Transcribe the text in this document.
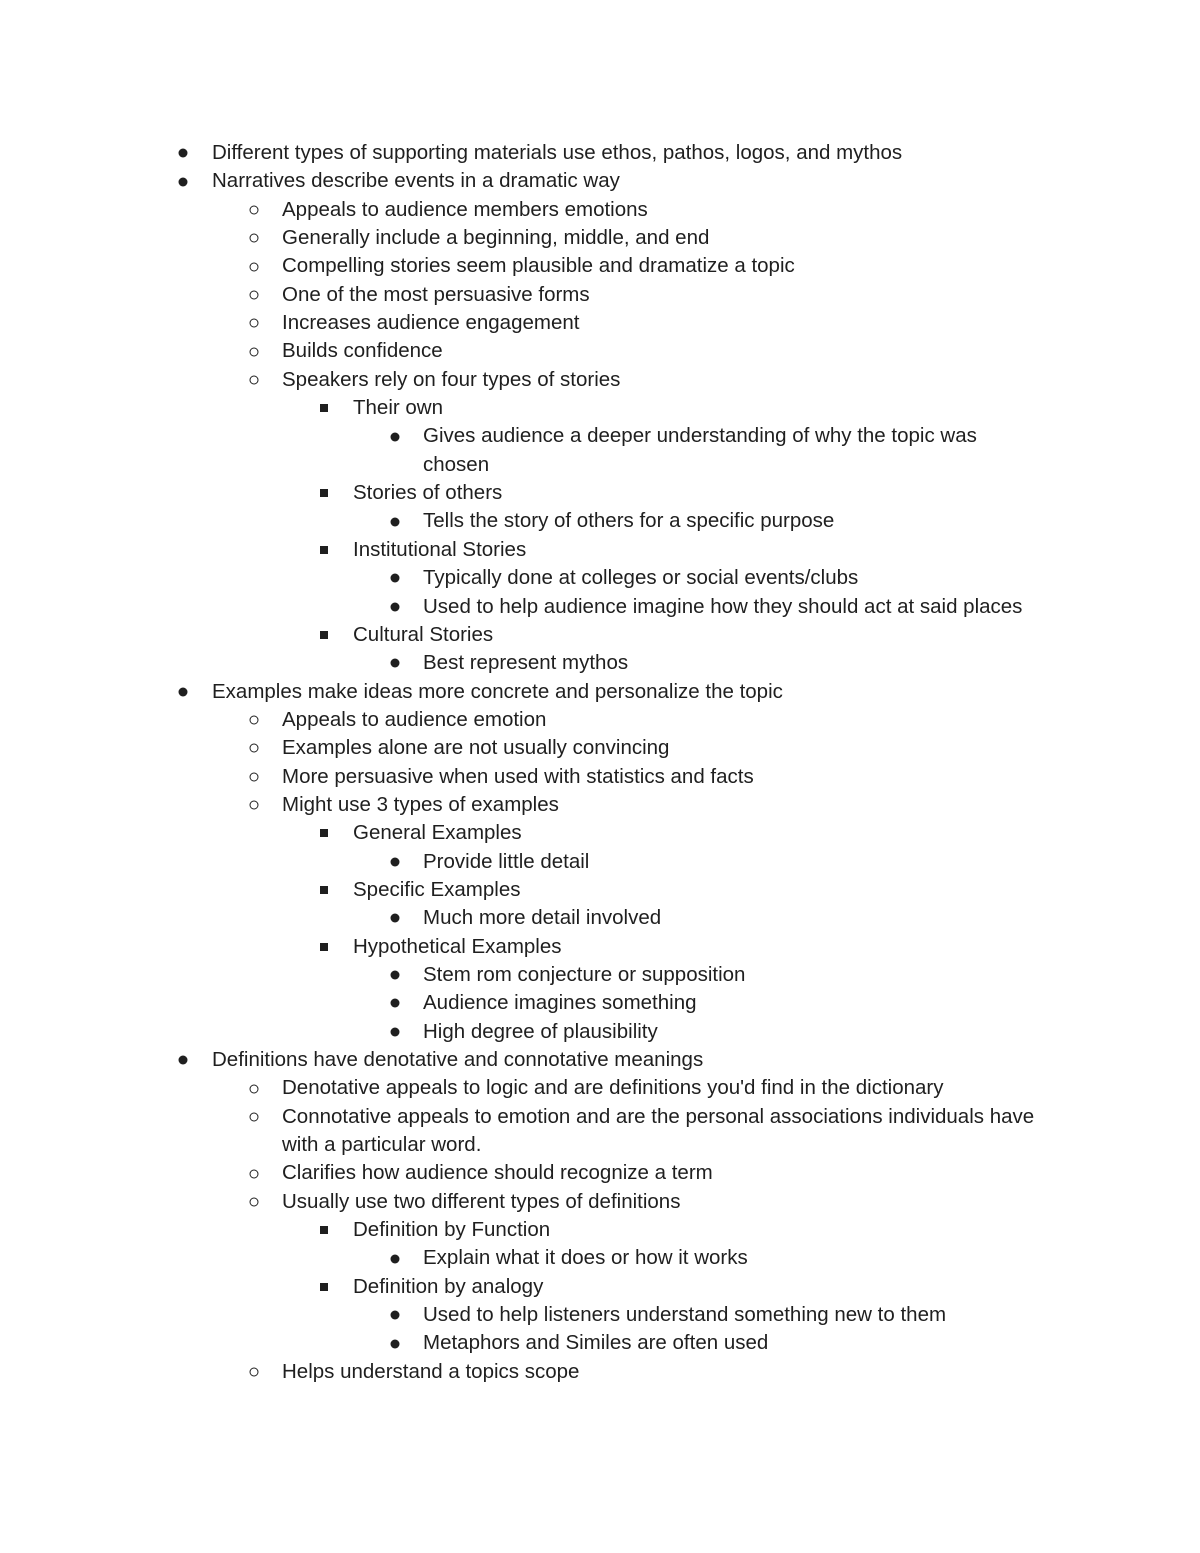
Different types of supporting materials use ethos, pathos, logos, and mythos
Narratives describe events in a dramatic way
Appeals to audience members emotions
Generally include a beginning, middle, and end
Compelling stories seem plausible and dramatize a topic
One of the most persuasive forms
Increases audience engagement
Builds confidence
Speakers rely on four types of stories
Their own
Gives audience a deeper understanding of why the topic was chosen
Stories of others
Tells the story of others for a specific purpose
Institutional Stories
Typically done at colleges or social events/clubs
Used to help audience imagine how they should act at said places
Cultural Stories
Best represent mythos
Examples make ideas more concrete and personalize the topic
Appeals to audience emotion
Examples alone are not usually convincing
More persuasive when used with statistics and facts
Might use 3 types of examples
General Examples
Provide little detail
Specific Examples
Much more detail involved
Hypothetical Examples
Stem rom conjecture or supposition
Audience imagines something
High degree of plausibility
Definitions have denotative and connotative meanings
Denotative appeals to logic and are definitions you'd find in the dictionary
Connotative appeals to emotion and are the personal associations individuals have with a particular word.
Clarifies how audience should recognize a term
Usually use two different types of definitions
Definition by Function
Explain what it does or how it works
Definition by analogy
Used to help listeners understand something new to them
Metaphors and Similes are often used
Helps understand a topics scope
